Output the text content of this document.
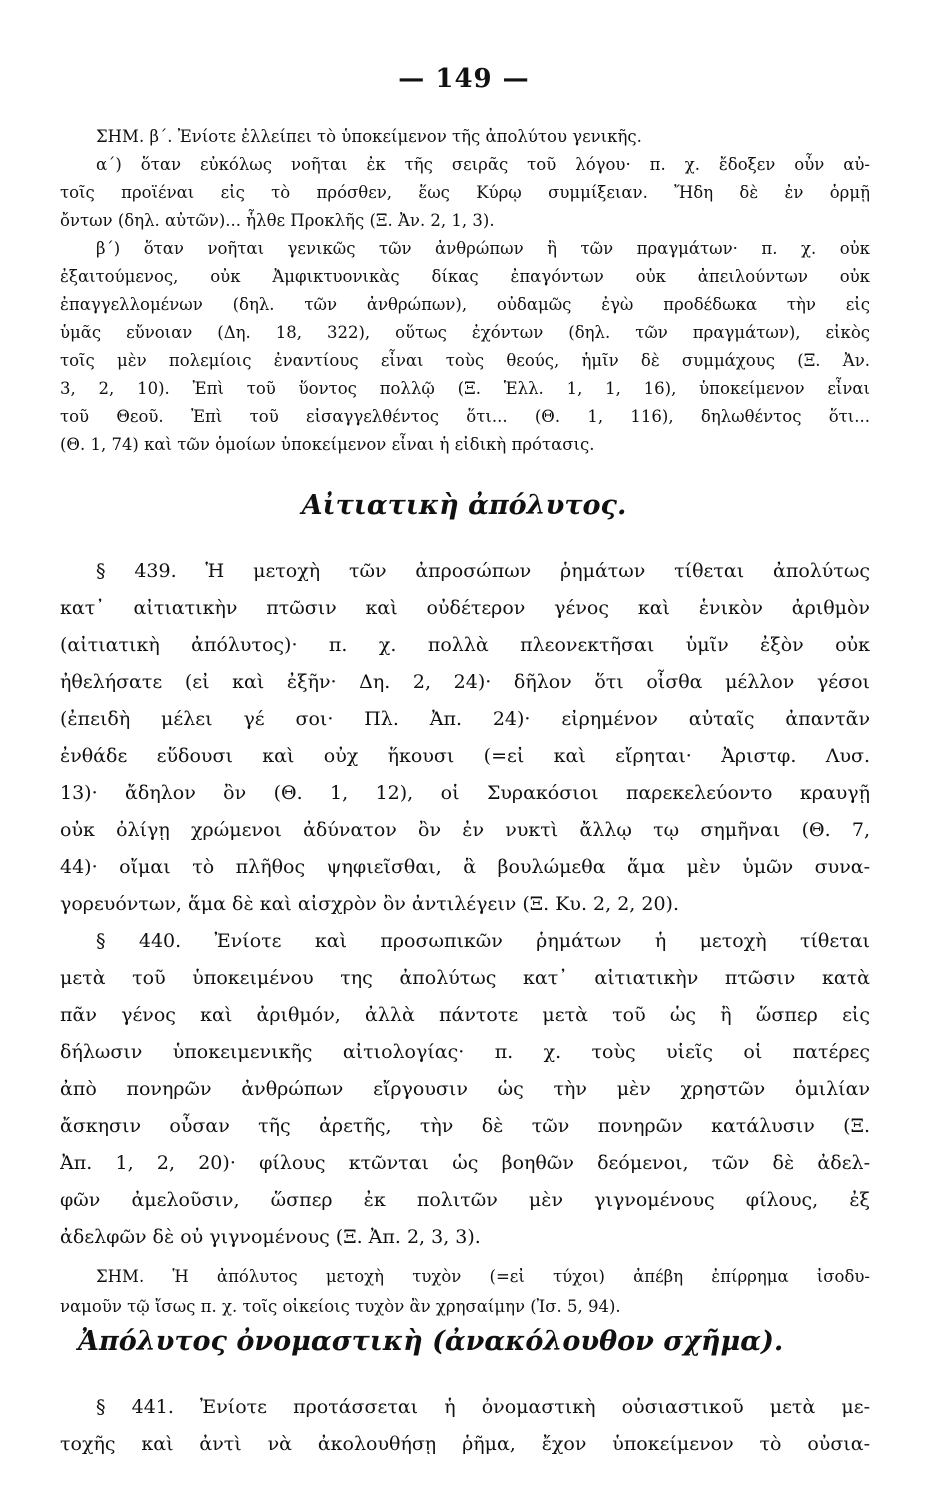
— 149 —
ΣΗΜ. β΄. Ἐνίοτε ἐλλείπει τὸ ὑποκείμενον τῆς ἀπολύτου γενικῆς.
α΄) ὅταν εὐκόλως νοῆται ἐκ τῆς σειρᾶς τοῦ λόγου· π. χ. ἔδοξεν οὖν αὐ-
τοῖς προϊέναι εἰς τὸ πρόσθεν, ἕως Κύρῳ συμμίξειαν. Ἤδη δὲ ἐν ὁρμῇ
ὄντων (δηλ. αὐτῶν)... ἧλθε Προκλῆς (Ξ. Ἀν. 2, 1, 3).
β΄) ὅταν νοῆται γενικῶς τῶν ἀνθρώπων ἢ τῶν πραγμάτων· π. χ. οὐκ
ἐξαιτούμενος, οὐκ Ἀμφικτυονικὰς δίκας ἐπαγόντων οὐκ ἀπειλούντων οὐκ
ἐπαγγελλομένων (δηλ. τῶν ἀνθρώπων), οὐδαμῶς ἐγὼ προδέδωκα τὴν εἰς
ὑμᾶς εὔνοιαν (Δη. 18, 322), οὕτως ἐχόντων (δηλ. τῶν πραγμάτων), εἰκὸς
τοῖς μὲν πολεμίοις ἐναντίους εἶναι τοὺς θεούς, ἡμῖν δὲ συμμάχους (Ξ. Ἀν.
3, 2, 10). Ἐπὶ τοῦ ὕοντος πολλῷ (Ξ. Ἑλλ. 1, 1, 16), ὑποκείμενον εἶναι
τοῦ Θεοῦ. Ἐπὶ τοῦ εἰσαγγελθέντος ὅτι... (Θ. 1, 116), δηλωθέντος ὅτι...
(Θ. 1, 74) καὶ τῶν ὁμοίων ὑποκείμενον εἶναι ἡ εἰδικὴ πρότασις.
Αἰτιατικὴ ἀπόλυτος.
§ 439. Ἡ μετοχὴ τῶν ἀπροσώπων ῥημάτων τίθεται ἀπολύτως
κατ᾿ αἰτιατικὴν πτῶσιν καὶ οὐδέτερον γένος καὶ ἑνικὸν ἀριθμὸν
(αἰτιατικὴ ἀπόλυτος)· π. χ. πολλὰ πλεονεκτῆσαι ὑμῖν ἐξὸν οὐκ
ἠθελήσατε (εἰ καὶ ἐξῆν· Δη. 2, 24)· δῆλον ὅτι οἶσθα μέλλον γέσοι
(ἐπειδὴ μέλει γέ σοι· Πλ. Ἀπ. 24)· εἰρημένον αὐταῖς ἀπαντᾶν
ἐνθάδε εὕδουσι καὶ οὐχ ἥκουσι (=εἰ καὶ εἴρηται· Ἀριστφ. Λυσ.
13)· ἄδηλον ὂν (Θ. 1, 12), οἱ Συρακόσιοι παρεκελεύοντο κραυγῇ
οὐκ ὀλίγῃ χρώμενοι ἀδύνατον ὂν ἐν νυκτὶ ἄλλῳ τῳ σημῆναι (Θ. 7,
44)· οἴμαι τὸ πλῆθος ψηφιεῖσθαι, ἃ βουλώμεθα ἅμα μὲν ὑμῶν συνα-
γορευόντων, ἅμα δὲ καὶ αἰσχρὸν ὂν ἀντιλέγειν (Ξ. Κυ. 2, 2, 20).
§ 440. Ἐνίοτε καὶ προσωπικῶν ῥημάτων ἡ μετοχὴ τίθεται
μετὰ τοῦ ὑποκειμένου της ἀπολύτως κατ᾿ αἰτιατικὴν πτῶσιν κατὰ
πᾶν γένος καὶ ἀριθμόν, ἀλλὰ πάντοτε μετὰ τοῦ ὡς ἢ ὥσπερ εἰς
δήλωσιν ὑποκειμενικῆς αἰτιολογίας· π. χ. τοὺς υἱεῖς οἱ πατέρες
ἀπὸ πονηρῶν ἀνθρώπων εἴργουσιν ὡς τὴν μὲν χρηστῶν ὁμιλίαν
ἄσκησιν οὖσαν τῆς ἀρετῆς, τὴν δὲ τῶν πονηρῶν κατάλυσιν (Ξ.
Ἀπ. 1, 2, 20)· φίλους κτῶνται ὡς βοηθῶν δεόμενοι, τῶν δὲ ἀδελ-
φῶν ἀμελοῦσιν, ὥσπερ ἐκ πολιτῶν μὲν γιγνομένους φίλους, ἐξ
ἀδελφῶν δὲ οὐ γιγνομένους (Ξ. Ἀπ. 2, 3, 3).
ΣΗΜ. Ἡ ἀπόλυτος μετοχὴ τυχὸν (=εἰ τύχοι) ἀπέβη ἐπίρρημα ἰσοδυ-
ναμοῦν τῷ ἴσως π. χ. τοῖς οἰκείοις τυχὸν ἂν χρησαίμην (Ἰσ. 5, 94).
Ἀπόλυτος ὀνομαστικὴ (ἀνακόλουθον σχῆμα).
§ 441. Ἐνίοτε προτάσσεται ἡ ὀνομαστικὴ οὐσιαστικοῦ μετὰ με-
τοχῆς καὶ ἀντὶ νὰ ἀκολουθήσῃ ῥῆμα, ἔχον ὑποκείμενον τὸ οὐσια-
